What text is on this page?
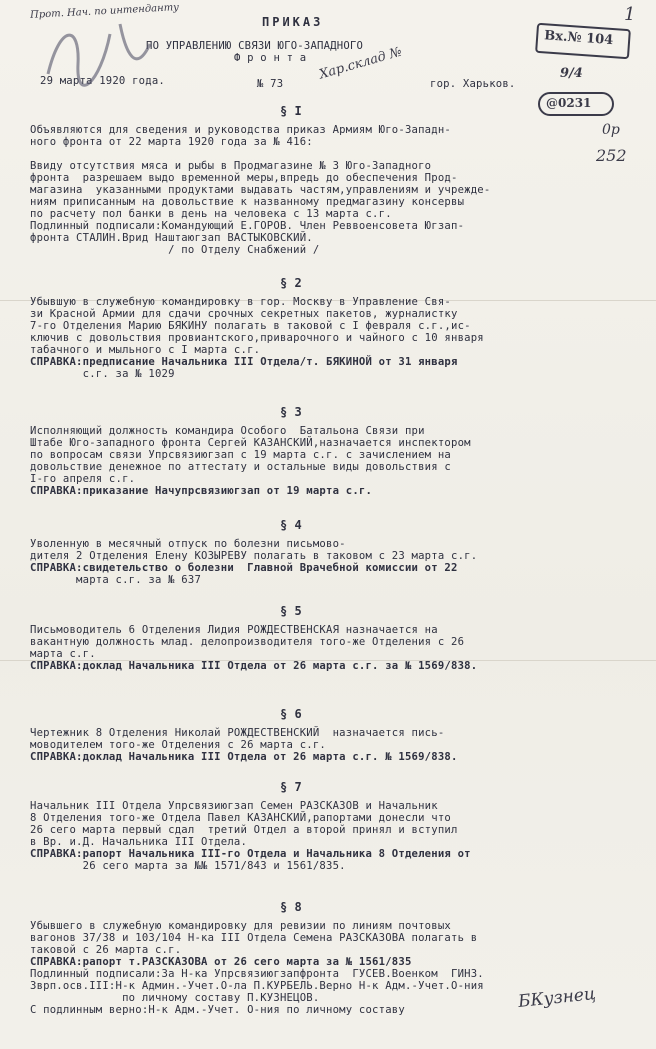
ПРИКАЗ
ПО УПРАВЛЕНИЮ СВЯЗИ ЮГО-ЗАПАДНОГО
Ф р о н т а
29 марта 1920 года.	№ 73	гор. Харьков.
§ I
Объявляются для сведения и руководства приказ Армиям Юго-Западн-
ного фронта от 22 марта 1920 года за № 416:
Ввиду отсутствия мяса и рыбы в Продмагазине № 3 Юго-Западного
фронта  разрешаем выдо временной меры,впредь до обеспечения Прод-
магазина  указанными продуктами выдавать частям,управлениям и учрежде-
ниям приписанным на довольствие к названному предмагазину консервы
по расчету пол банки в день на человека с 13 марта с.г.
Подлинный подписали:Командующий Е.ГОРОВ. Член Реввоенсовета Югзап-
фронта СТАЛИН.Врид Наштаюгзап ВАСТЫКОВСКИЙ.
/ по Отделу Снабжений /
§ 2
Убывшую в служебную командировку в гор. Москву в Управление Свя-
зи Красной Армии для сдачи срочных секретных пакетов, журналистку
7-го Отделения Марию БЯКИНУ полагать в таковой с I февраля с.г.,ис-
ключив с довольствия провиантского,приварочного и чайного с 10 января
табачного и мыльного с I марта с.г.
СПРАВКА:предписание Начальника III Отдела/т. БЯКИНОЙ от 31 января
с.г. за № 1029
§ 3
Исполняющий должность командира Особого  Батальона Связи при
Штабе Юго-западного фронта Сергей КАЗАНСКИЙ,назначается инспектором
по вопросам связи Упрсвязиюгзап с 19 марта с.г. с зачислением на
довольствие денежное по аттестату и остальные виды довольствия с
I-го апреля с.г.
СПРАВКА:приказание Начупрсвязиюгзап от 19 марта с.г.
§ 4
Уволенную в месячный отпуск по болезни письмово-
дителя 2 Отделения Елену КОЗЫРЕВУ полагать в таковом с 23 марта с.г.
СПРАВКА:свидетельство о болезни  Главной Врачебной комиссии от 22
марта с.г. за № 637
§ 5
Письмоводитель 6 Отделения Лидия РОЖДЕСТВЕНСКАЯ назначается на
вакантную должность млад. делопроизводителя того-же Отделения с 26
марта с.г.
СПРАВКА:доклад Начальника III Отдела от 26 марта с.г. за № 1569/838.
§ 6
Чертежник 8 Отделения Николай РОЖДЕСТВЕНСКИЙ  назначается пись-
моводителем того-же Отделения с 26 марта с.г.
СПРАВКА:доклад Начальника III Отдела от 26 марта с.г. № 1569/838.
§ 7
Начальник III Отдела Упрсвязиюгзап Семен РАЗСКАЗОВ и Начальник
8 Отделения того-же Отдела Павел КАЗАНСКИЙ,рапортами донесли что
26 сего марта первый сдал  третий Отдел а второй принял и вступил
в Вр. и.Д. Начальника III Отдела.
СПРАВКА:рапорт Начальника III-го Отдела и Начальника 8 Отделения от
26 сего марта за №№ 1571/843 и 1561/835.
§ 8
Убывшего в служебную командировку для ревизии по линиям почтовых
вагонов 37/38 и 103/104 Н-ка III Отдела Семена РАЗСКАЗОВА полагать в
таковой с 26 марта с.г.
СПРАВКА:рапорт т.РАЗСКАЗОВА от 26 сего марта за № 1561/835
Подлинный подписали:За Н-ка Упрсвязиюгзапфронта  ГУСЕВ.Военком  ГИНЗ.
Зврп.осв.III:Н-к Админ.-Учет.О-ла П.КУРБЕЛЬ.Верно Н-к Адм.-Учет.О-ния
по личному составу П.КУЗНЕЦОВ.
С подлинным верно:Н-к Адм.-Учет. О-ния по личному составу
Прот. Нач. по интенданту
Хар.склад №
252
0р
1
БКузнец
Вх.№ 104
9/4
@0231
